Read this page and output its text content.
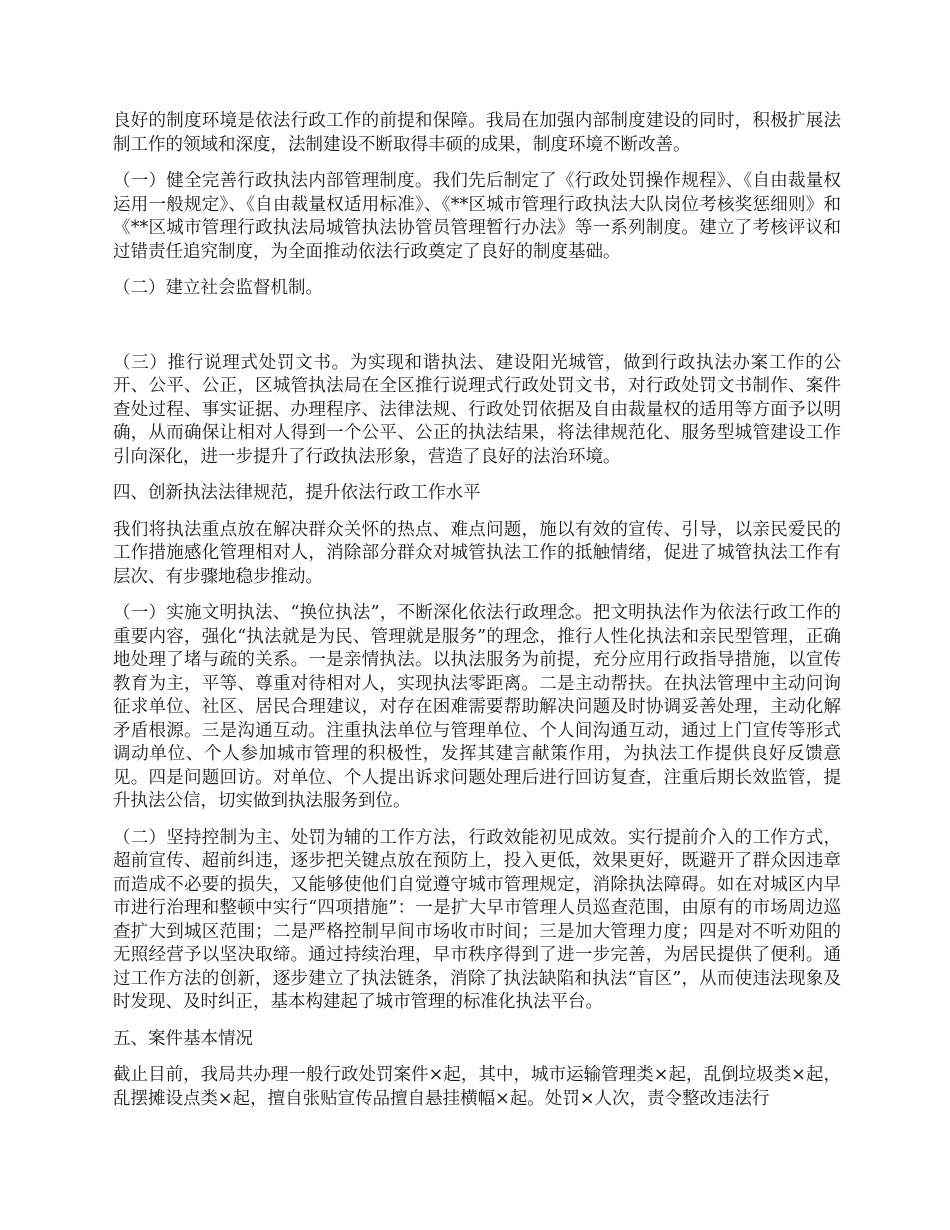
良好的制度环境是依法行政工作的前提和保障。我局在加强内部制度建设的同时，积极扩展法制工作的领域和深度，法制建设不断取得丰硕的成果，制度环境不断改善。

（一）健全完善行政执法内部管理制度。我们先后制定了《行政处罚操作规程》、《自由裁量权运用一般规定》、《自由裁量权适用标准》、《**区城市管理行政执法大队岗位考核奖惩细则》和《**区城市管理行政执法局城管执法协管员管理暂行办法》等一系列制度。建立了考核评议和过错责任追究制度，为全面推动依法行政奠定了良好的制度基础。

（二）建立社会监督机制。

（三）推行说理式处罚文书。为实现和谐执法、建设阳光城管，做到行政执法办案工作的公开、公平、公正，区城管执法局在全区推行说理式行政处罚文书，对行政处罚文书制作、案件查处过程、事实证据、办理程序、法律法规、行政处罚依据及自由裁量权的适用等方面予以明确，从而确保让相对人得到一个公平、公正的执法结果，将法律规范化、服务型城管建设工作引向深化，进一步提升了行政执法形象，营造了良好的法治环境。

四、创新执法法律规范，提升依法行政工作水平

我们将执法重点放在解决群众关怀的热点、难点问题，施以有效的宣传、引导，以亲民爱民的工作措施感化管理相对人，消除部分群众对城管执法工作的抵触情绪，促进了城管执法工作有层次、有步骤地稳步推动。

（一）实施文明执法、“换位执法”，不断深化依法行政理念。把文明执法作为依法行政工作的重要内容，强化“执法就是为民、管理就是服务”的理念，推行人性化执法和亲民型管理，正确地处理了堵与疏的关系。一是亲情执法。以执法服务为前提，充分应用行政指导措施，以宣传教育为主，平等、尊重对待相对人，实现执法零距离。二是主动帮扶。在执法管理中主动问询征求单位、社区、居民合理建议，对存在困难需要帮助解决问题及时协调妥善处理，主动化解矛盾根源。三是沟通互动。注重执法单位与管理单位、个人间沟通互动，通过上门宣传等形式调动单位、个人参加城市管理的积极性，发挥其建言献策作用，为执法工作提供良好反馈意见。四是问题回访。对单位、个人提出诉求问题处理后进行回访复查，注重后期长效监管，提升执法公信，切实做到执法服务到位。

（二）坚持控制为主、处罚为辅的工作方法，行政效能初见成效。实行提前介入的工作方式，超前宣传、超前纠违，逐步把关键点放在预防上，投入更低，效果更好，既避开了群众因违章而造成不必要的损失，又能够使他们自觉遵守城市管理规定，消除执法障碍。如在对城区内早市进行治理和整顿中实行“四项措施”：一是扩大早市管理人员巡查范围，由原有的市场周边巡查扩大到城区范围；二是严格控制早间市场收市时间；三是加大管理力度；四是对不听劝阻的无照经营予以坚决取缔。通过持续治理，早市秩序得到了进一步完善，为居民提供了便利。通过工作方法的创新，逐步建立了执法链条，消除了执法缺陷和执法“盲区”，从而使违法现象及时发现、及时纠正，基本构建起了城市管理的标准化执法平台。

五、案件基本情况

截止目前，我局共办理一般行政处罚案件×起，其中，城市运输管理类×起，乱倒垃圾类×起，乱摆摊设点类×起，擅自张贴宣传品擅自悬挂横幅×起。处罚×人次，责令整改违法行
